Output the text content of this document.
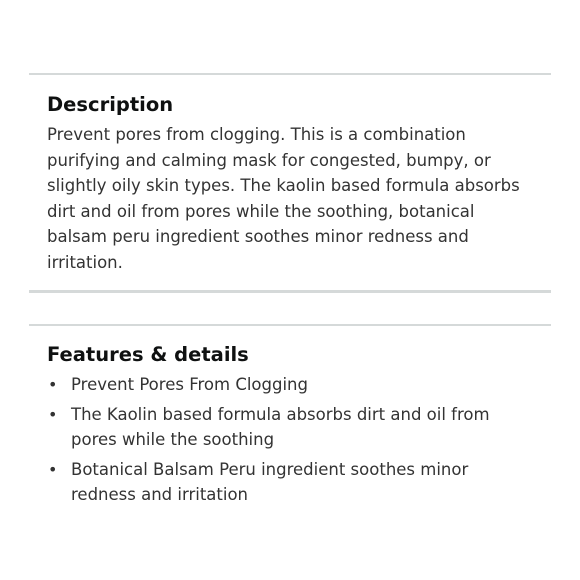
Description

Prevent pores from clogging. This is a combination purifying and calming mask for congested, bumpy, or slightly oily skin types. The kaolin based formula absorbs dirt and oil from pores while the soothing, botanical balsam peru ingredient soothes minor redness and irritation.

Features & details
• Prevent Pores From Clogging
• The Kaolin based formula absorbs dirt and oil from pores while the soothing
• Botanical Balsam Peru ingredient soothes minor redness and irritation
